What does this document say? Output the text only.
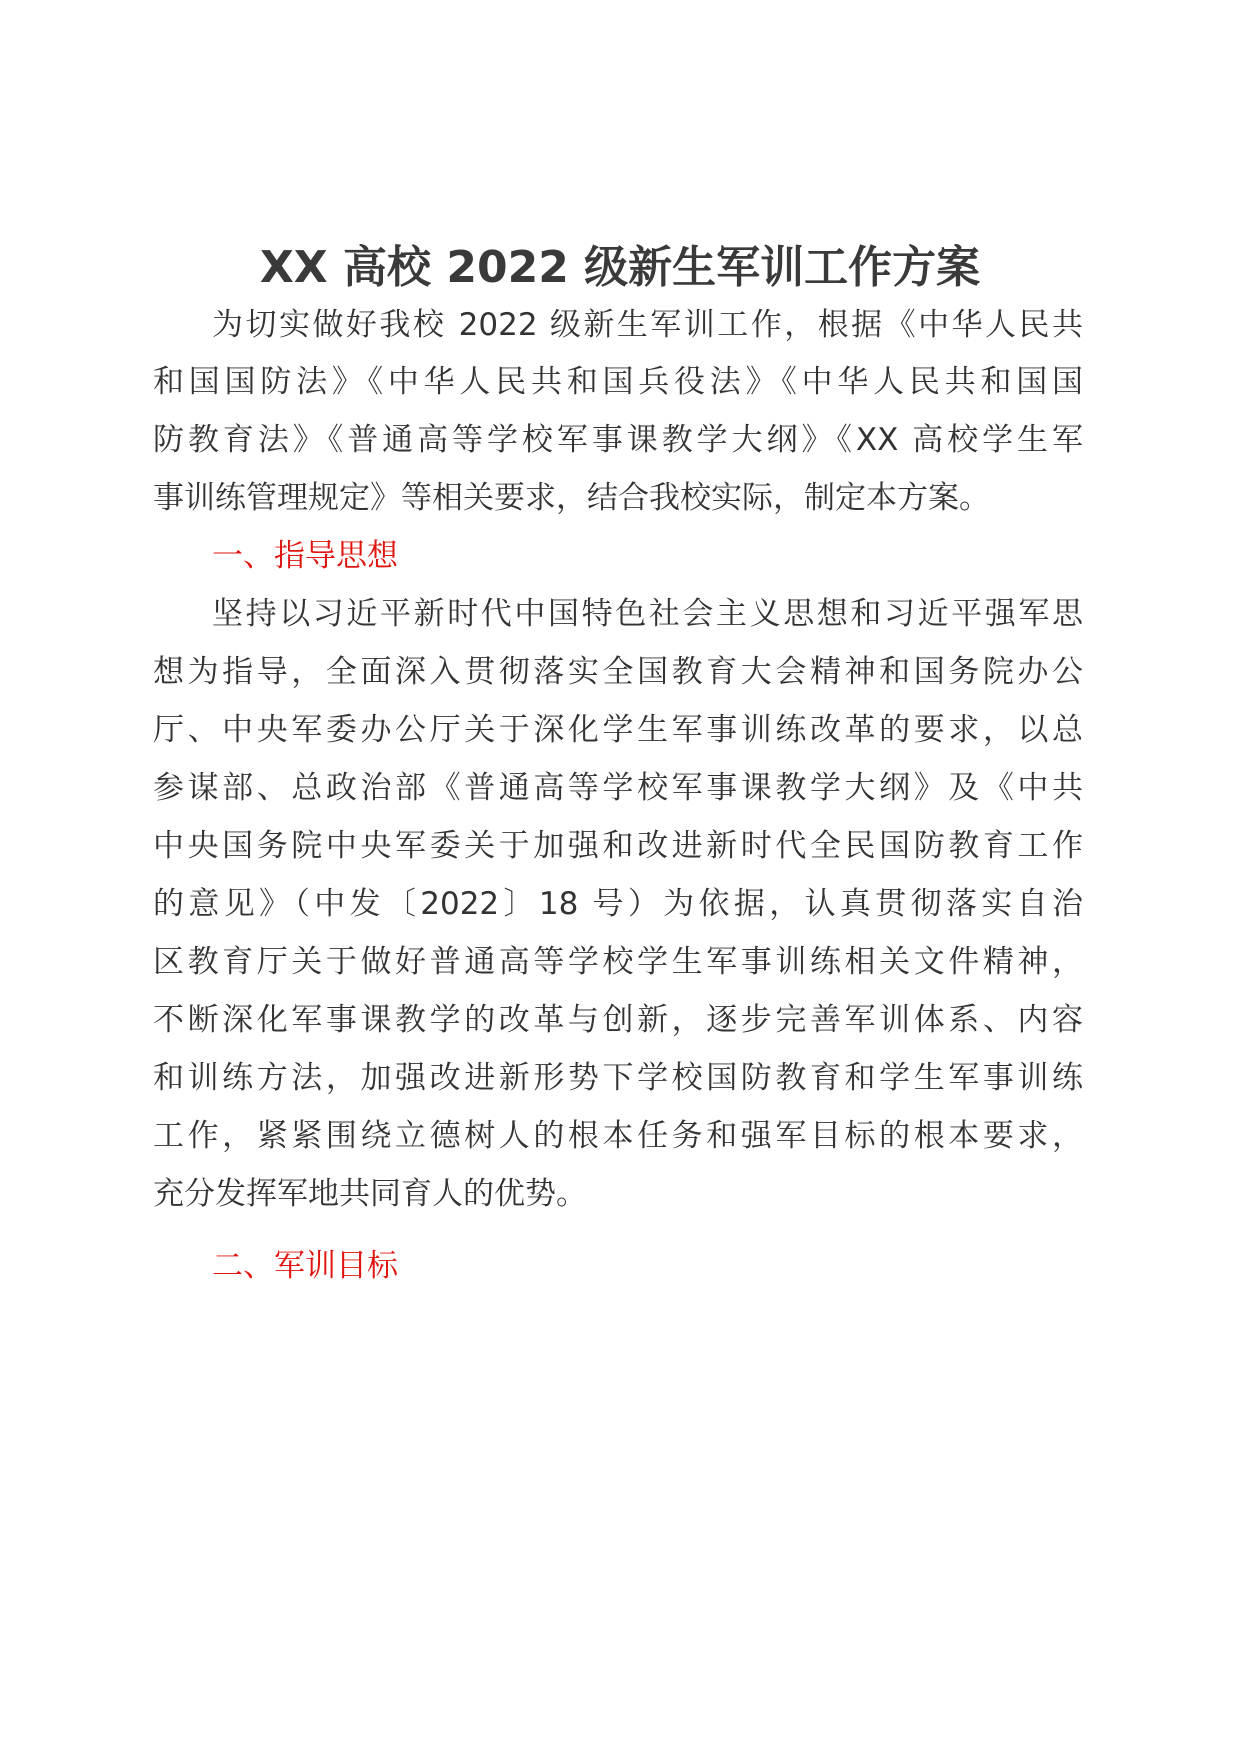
XX 高校 2022 级新生军训工作方案
为切实做好我校 2022 级新生军训工作，根据《中华人民共
和国国防法》《中华人民共和国兵役法》《中华人民共和国国
防教育法》《普通高等学校军事课教学大纲》《XX 高校学生军
事训练管理规定》等相关要求，结合我校实际，制定本方案。
一、指导思想
坚持以习近平新时代中国特色社会主义思想和习近平强军思
想为指导，全面深入贯彻落实全国教育大会精神和国务院办公
厅、中央军委办公厅关于深化学生军事训练改革的要求，以总
参谋部、总政治部《普通高等学校军事课教学大纲》及《中共
中央国务院中央军委关于加强和改进新时代全民国防教育工作
的意见》（中发〔2022〕18 号）为依据，认真贯彻落实自治
区教育厅关于做好普通高等学校学生军事训练相关文件精神，
不断深化军事课教学的改革与创新，逐步完善军训体系、内容
和训练方法，加强改进新形势下学校国防教育和学生军事训练
工作，紧紧围绕立德树人的根本任务和强军目标的根本要求，
充分发挥军地共同育人的优势。
二、军训目标
